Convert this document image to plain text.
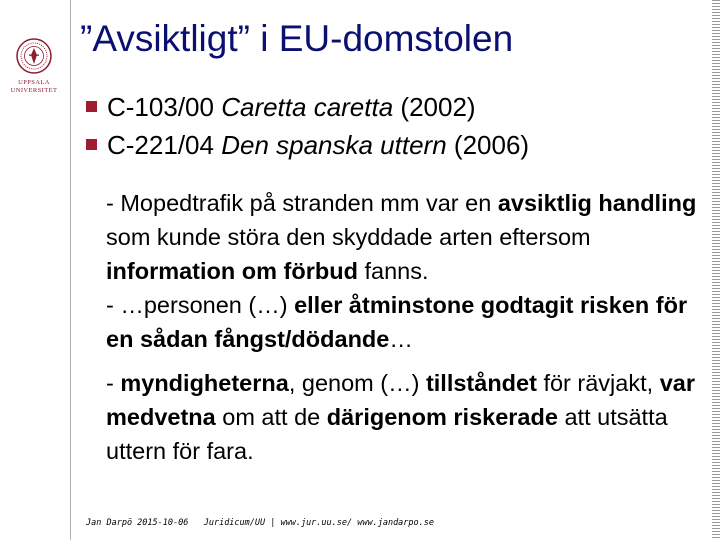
UPPSALA
UNIVERSITET
”Avsiktligt” i EU-domstolen
C-103/00 Caretta caretta (2002)
C-221/04 Den spanska uttern (2006)
- Mopedtrafik på stranden mm var en avsiktlig handling som kunde störa den skyddade arten eftersom information om förbud fanns.
- …personen (…) eller åtminstone godtagit risken för en sådan fångst/dödande…
- myndigheterna, genom (…) tillståndet för rävjakt, var medvetna om att de därigenom riskerade att utsätta uttern för fara.
Jan Darpö 2015-10-06 Juridicum/UU | www.jur.uu.se/ www.jandarpo.se
